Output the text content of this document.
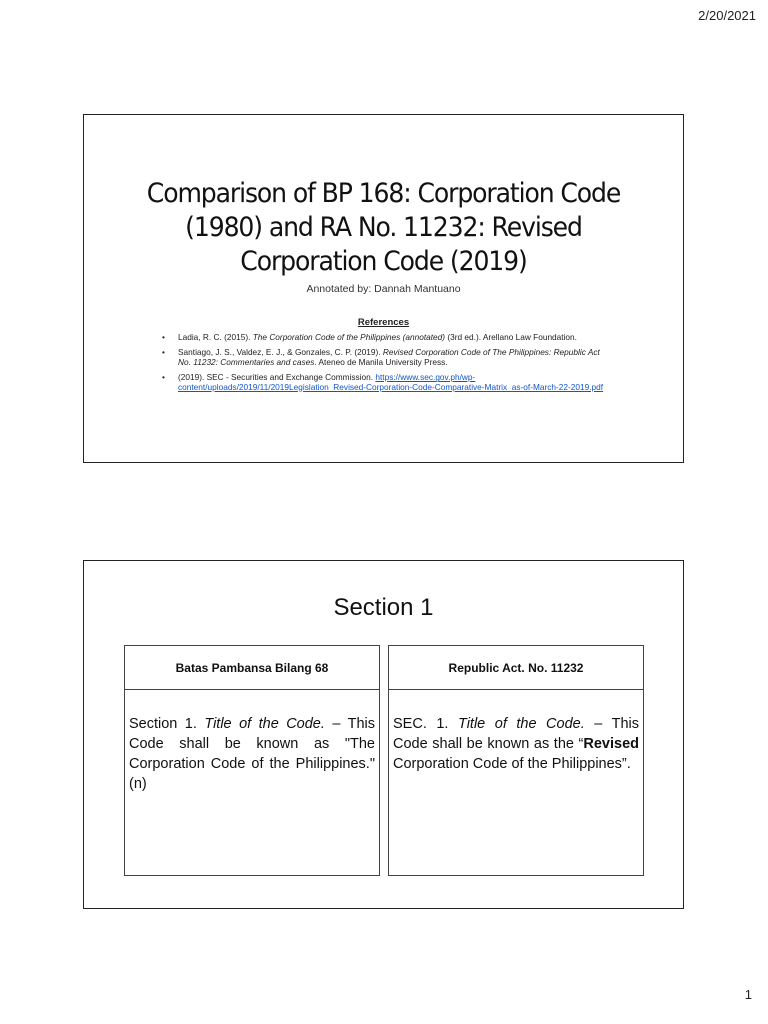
2/20/2021
Comparison of BP 168: Corporation Code (1980) and RA No. 11232: Revised Corporation Code (2019)
Annotated by: Dannah Mantuano
References
• Ladia, R. C. (2015). The Corporation Code of the Philippines (annotated) (3rd ed.). Arellano Law Foundation.
• Santiago, J. S., Valdez, E. J., & Gonzales, C. P. (2019). Revised Corporation Code of The Philippines: Republic Act No. 11232: Commentaries and cases. Ateneo de Manila University Press.
• (2019). SEC - Securities and Exchange Commission. https://www.sec.gov.ph/wp-content/uploads/2019/11/2019Legislation_Revised-Corporation-Code-Comparative-Matrix_as-of-March-22-2019.pdf
Section 1
Batas Pambansa Bilang 68
Section 1. Title of the Code. – This Code shall be known as "The Corporation Code of the Philippines." (n)
Republic Act. No. 11232
SEC. 1. Title of the Code. – This Code shall be known as the “Revised Corporation Code of the Philippines”.
1
